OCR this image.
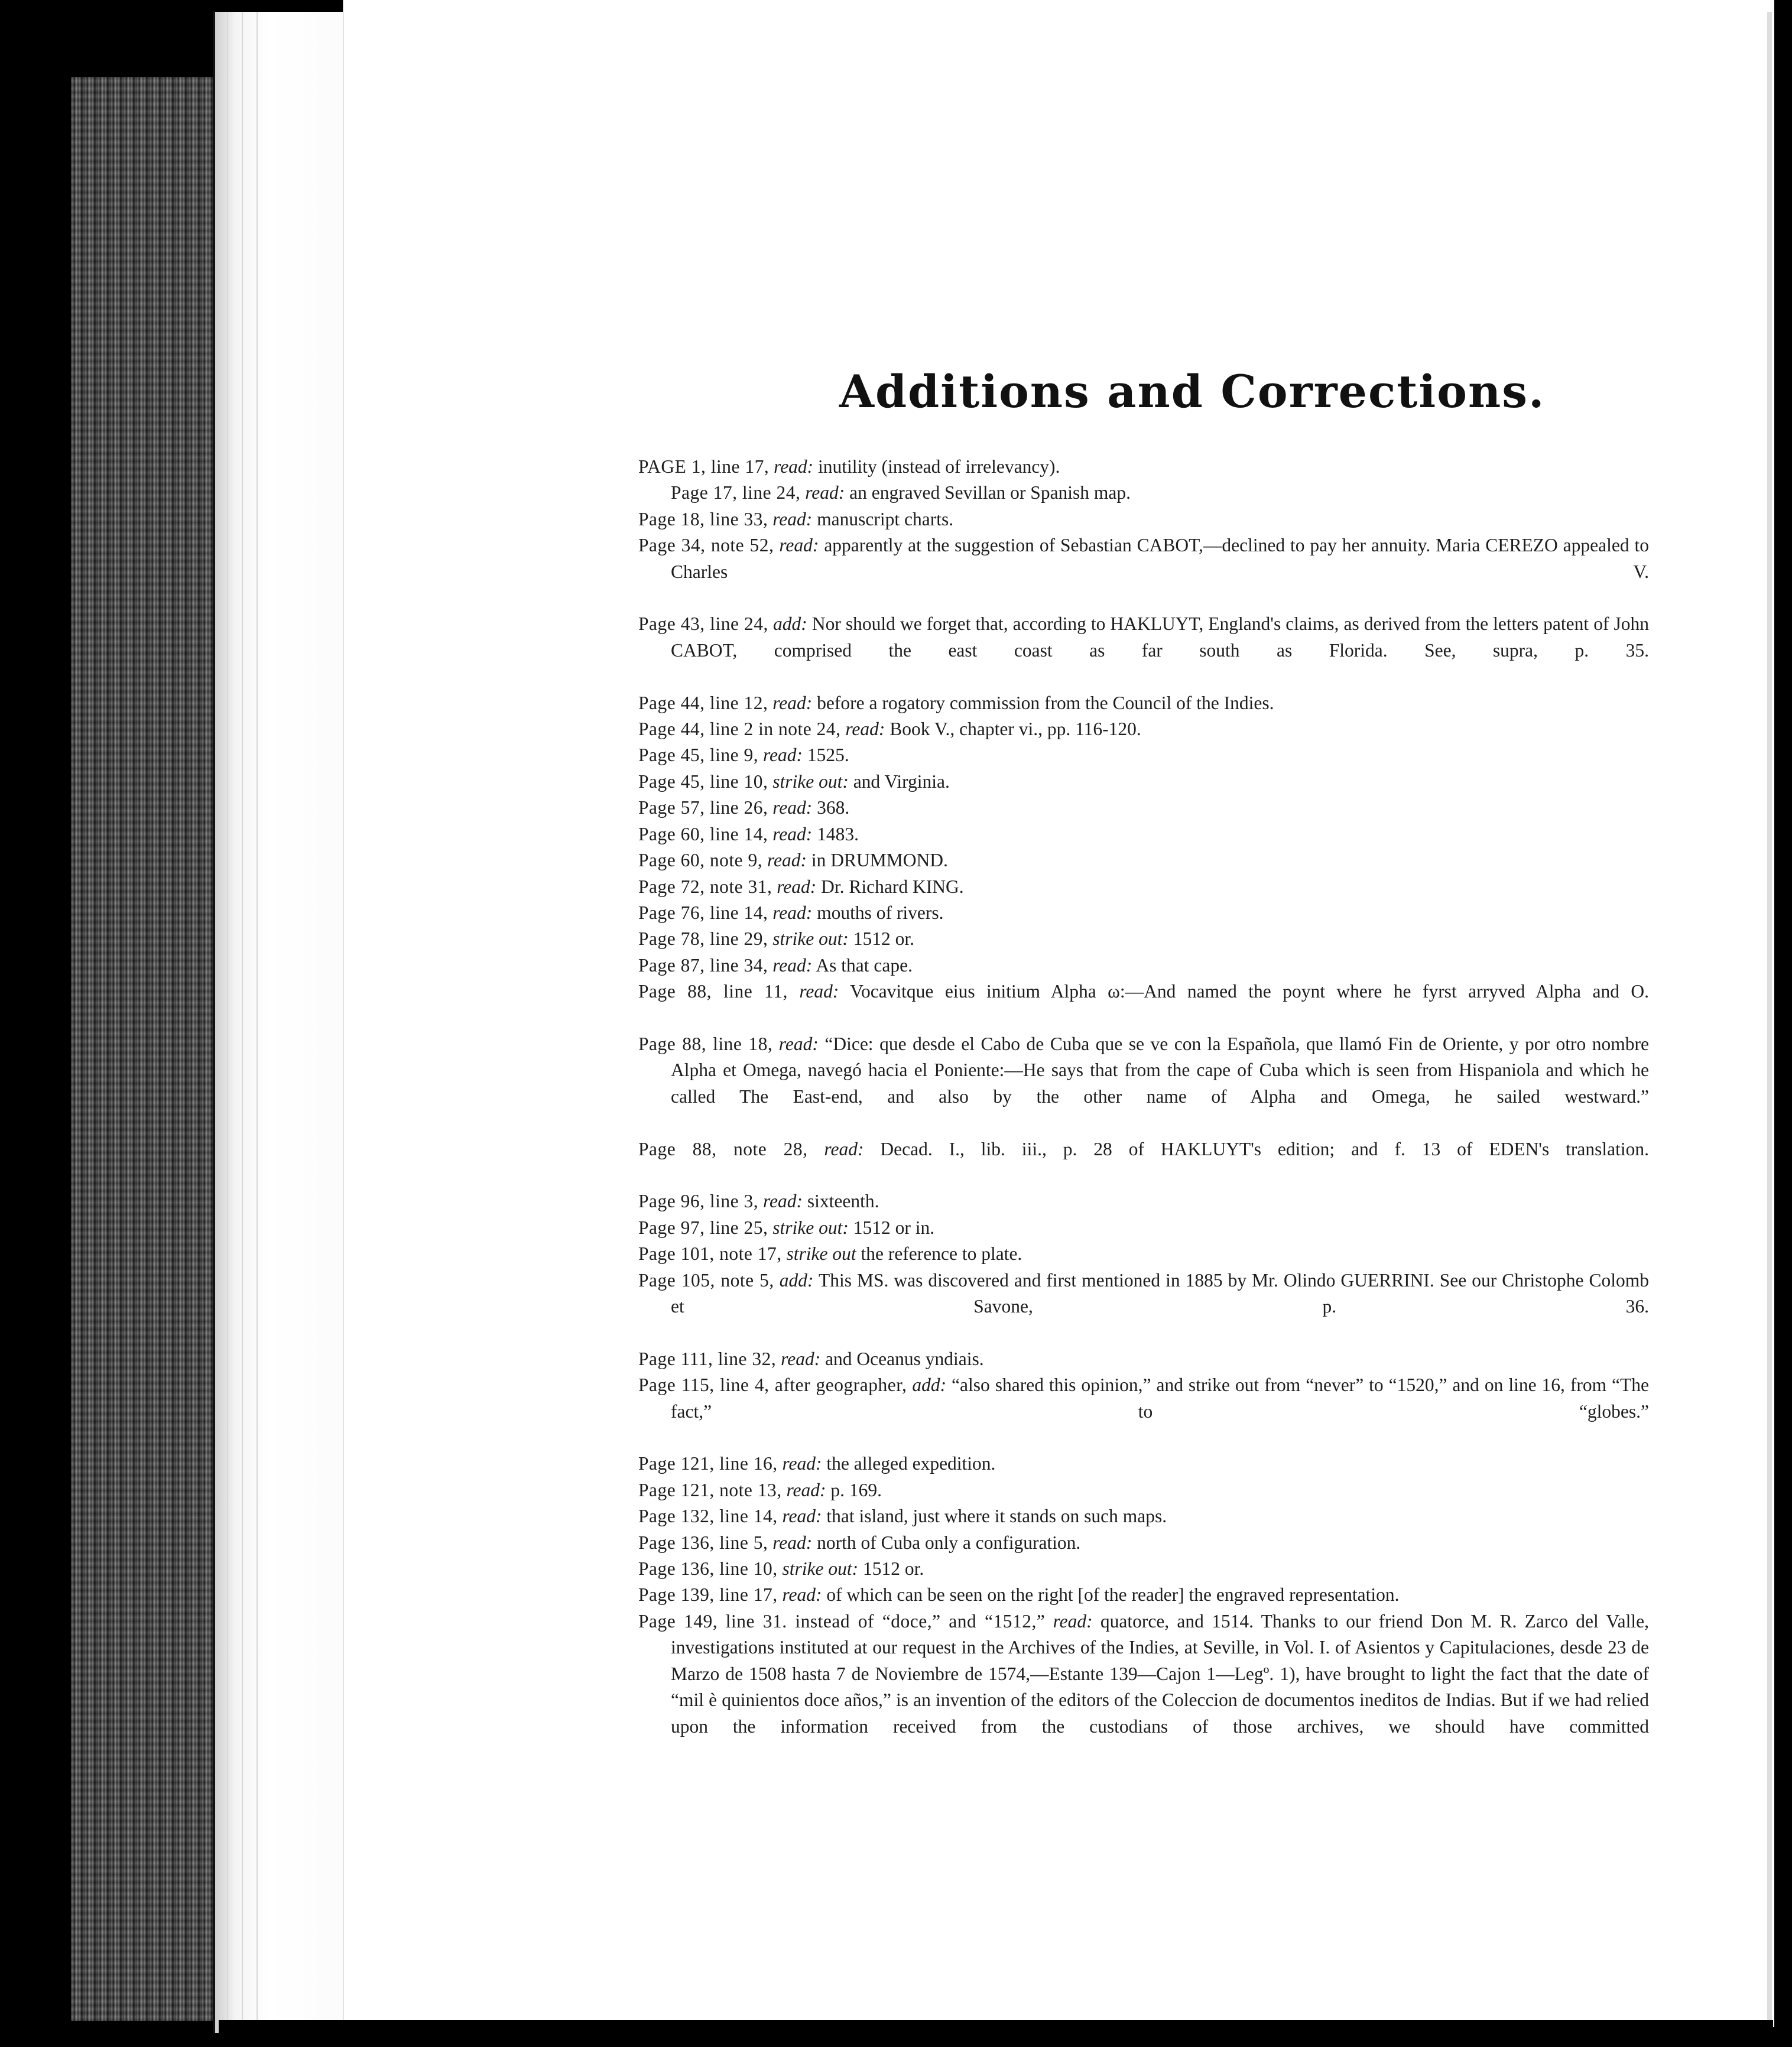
Additions and Corrections.
PAGE 1, line 17, read: inutility (instead of irrelevancy).
Page 17, line 24, read: an engraved Sevillan or Spanish map.
Page 18, line 33, read: manuscript charts.
Page 34, note 52, read: apparently at the suggestion of Sebastian CABOT,—declined to pay her annuity. Maria CEREZO appealed to Charles V.
Page 43, line 24, add: Nor should we forget that, according to HAKLUYT, England's claims, as derived from the letters patent of John CABOT, comprised the east coast as far south as Florida. See, supra, p. 35.
Page 44, line 12, read: before a rogatory commission from the Council of the Indies.
Page 44, line 2 in note 24, read: Book V., chapter vi., pp. 116-120.
Page 45, line 9, read: 1525.
Page 45, line 10, strike out: and Virginia.
Page 57, line 26, read: 368.
Page 60, line 14, read: 1483.
Page 60, note 9, read: in DRUMMOND.
Page 72, note 31, read: Dr. Richard KING.
Page 76, line 14, read: mouths of rivers.
Page 78, line 29, strike out: 1512 or.
Page 87, line 34, read: As that cape.
Page 88, line 11, read: Vocavitque eius initium Alpha ω:—And named the poynt where he fyrst arryved Alpha and O.
Page 88, line 18, read: “Dice: que desde el Cabo de Cuba que se ve con la Española, que llamó Fin de Oriente, y por otro nombre Alpha et Omega, navegó hacia el Poniente:—He says that from the cape of Cuba which is seen from Hispaniola and which he called The East-end, and also by the other name of Alpha and Omega, he sailed westward.”
Page 88, note 28, read: Decad. I., lib. iii., p. 28 of HAKLUYT's edition; and f. 13 of EDEN's translation.
Page 96, line 3, read: sixteenth.
Page 97, line 25, strike out: 1512 or in.
Page 101, note 17, strike out the reference to plate.
Page 105, note 5, add: This MS. was discovered and first mentioned in 1885 by Mr. Olindo GUERRINI. See our Christophe Colomb et Savone, p. 36.
Page 111, line 32, read: and Oceanus yndiais.
Page 115, line 4, after geographer, add: “also shared this opinion,” and strike out from “never” to “1520,” and on line 16, from “The fact,” to “globes.”
Page 121, line 16, read: the alleged expedition.
Page 121, note 13, read: p. 169.
Page 132, line 14, read: that island, just where it stands on such maps.
Page 136, line 5, read: north of Cuba only a configuration.
Page 136, line 10, strike out: 1512 or.
Page 139, line 17, read: of which can be seen on the right [of the reader] the engraved representation.
Page 149, line 31. instead of “doce,” and “1512,” read: quatorce, and 1514. Thanks to our friend Don M. R. Zarco del Valle, investigations instituted at our request in the Archives of the Indies, at Seville, in Vol. I. of Asientos y Capitulaciones, desde 23 de Marzo de 1508 hasta 7 de Noviembre de 1574,—Estante 139—Cajon 1—Legº. 1), have brought to light the fact that the date of “mil è quinientos doce años,” is an invention of the editors of the Coleccion de documentos ineditos de Indias. But if we had relied upon the information received from the custodians of those archives, we should have committed
